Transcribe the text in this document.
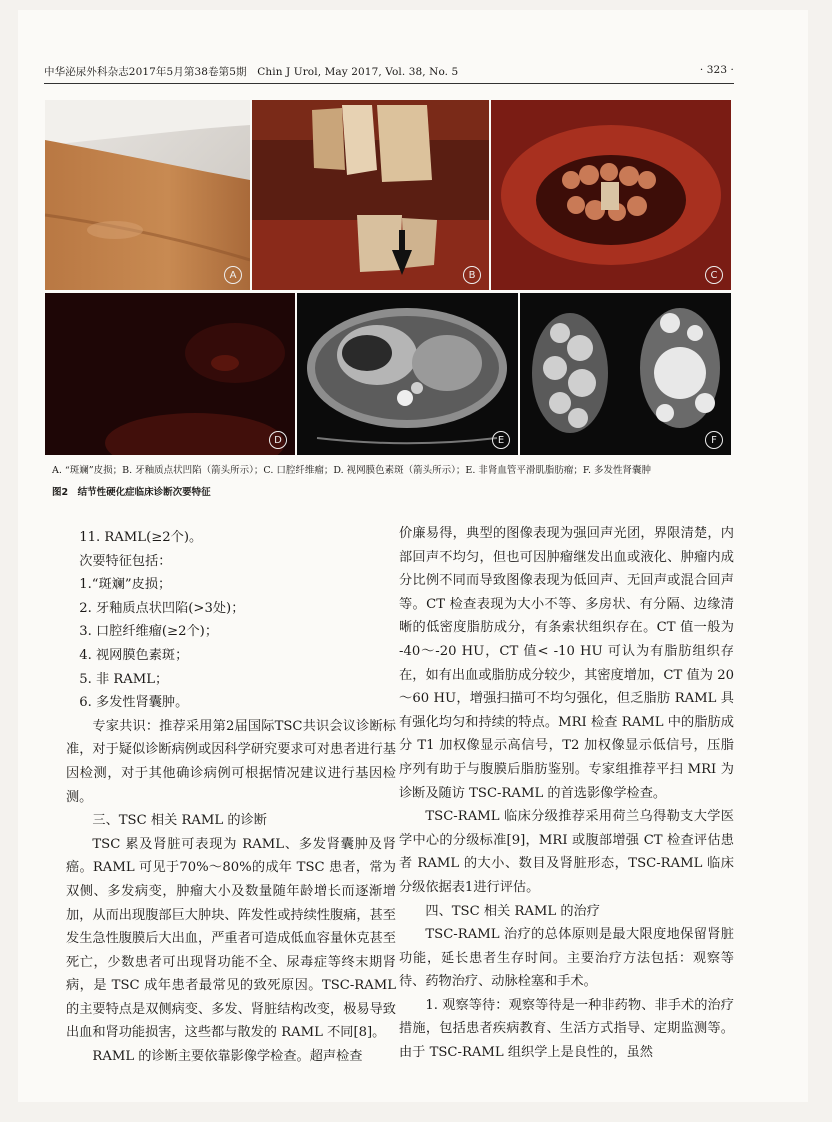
中华泌尿外科杂志2017年5月第38卷第5期　Chin J Urol, May 2017, Vol. 38, No. 5	· 323 ·
A	B	C
D	E	F
A. “斑斓”皮损；B. 牙釉质点状凹陷（箭头所示）；C. 口腔纤维瘤；D. 视网膜色素斑（箭头所示）；E. 非肾血管平滑肌脂肪瘤；F. 多发性肾囊肿
图2　结节性硬化症临床诊断次要特征

11. RAML(≥2个)。

次要特征包括：

1.“斑斓”皮损；

2. 牙釉质点状凹陷(>3处)；

3. 口腔纤维瘤(≥2个)；

4. 视网膜色素斑；

5. 非 RAML；

6. 多发性肾囊肿。

专家共识：推荐采用第2届国际TSC共识会议诊断标准，对于疑似诊断病例或因科学研究要求可对患者进行基因检测，对于其他确诊病例可根据情况建议进行基因检测。

三、TSC 相关 RAML 的诊断

TSC 累及肾脏可表现为 RAML、多发肾囊肿及肾癌。RAML 可见于70%～80%的成年 TSC 患者，常为双侧、多发病变，肿瘤大小及数量随年龄增长而逐渐增加，从而出现腹部巨大肿块、阵发性或持续性腹痛，甚至发生急性腹膜后大出血，严重者可造成低血容量休克甚至死亡，少数患者可出现肾功能不全、尿毒症等终末期肾病，是 TSC 成年患者最常见的致死原因。TSC-RAML 的主要特点是双侧病变、多发、肾脏结构改变，极易导致出血和肾功能损害，这些都与散发的 RAML 不同[8]。

RAML 的诊断主要依靠影像学检查。超声检查

价廉易得，典型的图像表现为强回声光团，界限清楚，内部回声不均匀，但也可因肿瘤继发出血或液化、肿瘤内成分比例不同而导致图像表现为低回声、无回声或混合回声等。CT 检查表现为大小不等、多房状、有分隔、边缘清晰的低密度脂肪成分，有条索状组织存在。CT 值一般为 -40～-20 HU，CT 值< -10 HU 可认为有脂肪组织存在，如有出血或脂肪成分较少，其密度增加，CT 值为 20～60 HU，增强扫描可不均匀强化，但乏脂肪 RAML 具有强化均匀和持续的特点。MRI 检查 RAML 中的脂肪成分 T1 加权像显示高信号，T2 加权像显示低信号，压脂序列有助于与腹膜后脂肪鉴别。专家组推荐平扫 MRI 为诊断及随访 TSC-RAML 的首选影像学检查。

TSC-RAML 临床分级推荐采用荷兰乌得勒支大学医学中心的分级标准[9]，MRI 或腹部增强 CT 检查评估患者 RAML 的大小、数目及肾脏形态，TSC-RAML 临床分级依据表1进行评估。

四、TSC 相关 RAML 的治疗

TSC-RAML 治疗的总体原则是最大限度地保留肾脏功能，延长患者生存时间。主要治疗方法包括：观察等待、药物治疗、动脉栓塞和手术。

1. 观察等待：观察等待是一种非药物、非手术的治疗措施，包括患者疾病教育、生活方式指导、定期监测等。由于 TSC-RAML 组织学上是良性的，虽然
